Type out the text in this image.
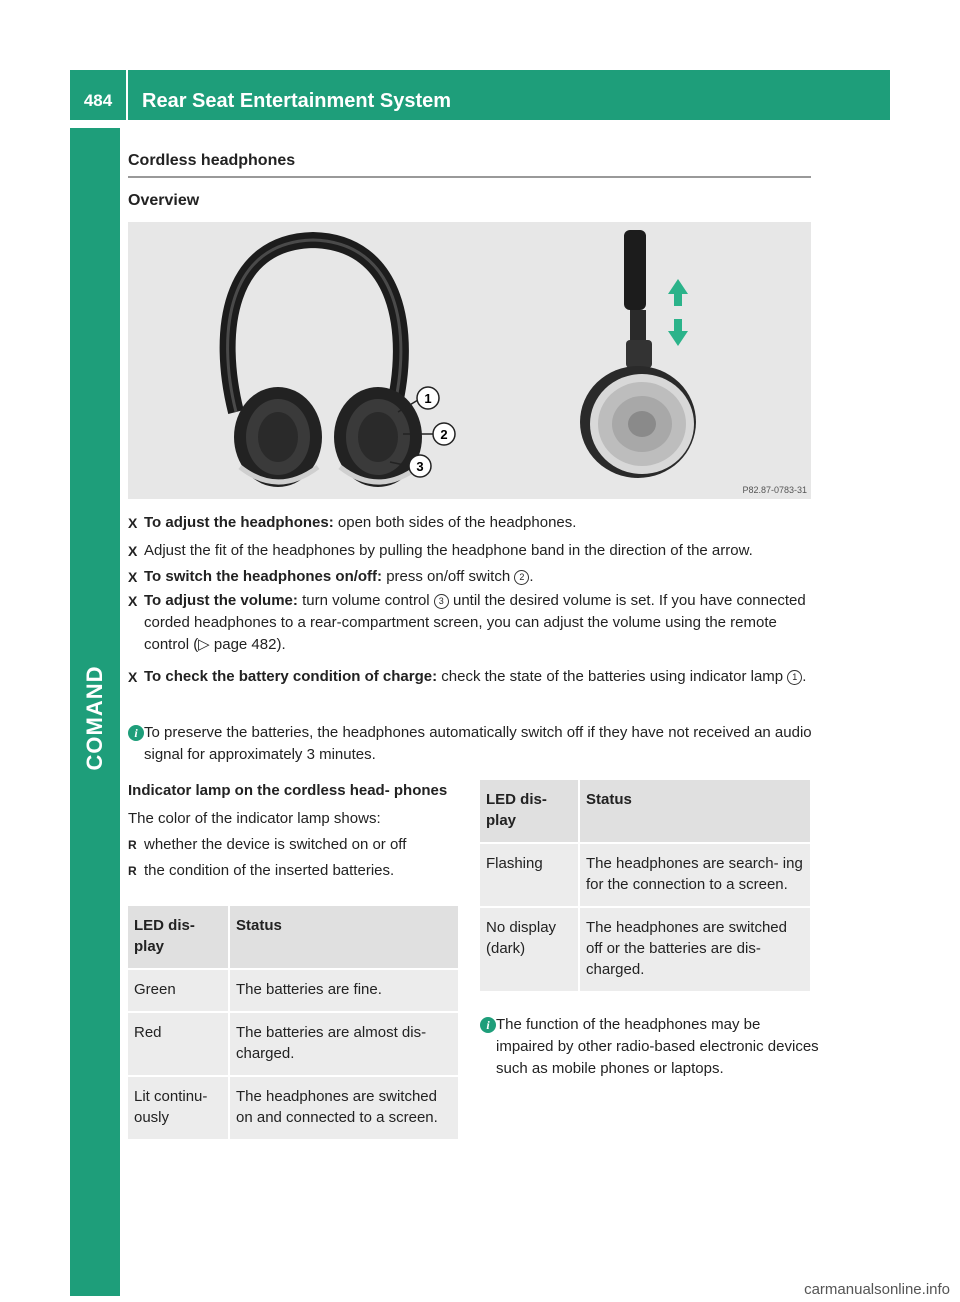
484	Rear Seat Entertainment System
COMAND
Cordless headphones
Overview
1
2
3
P82.87-0783-31
X To adjust the headphones: open both sides of the headphones.
X Adjust the fit of the headphones by pulling the headphone band in the direction of the arrow.
X To switch the headphones on/off: press on/off switch 2 .
X To adjust the volume: turn volume control 3 until the desired volume is set. If you have connected corded headphones to a rear-compartment screen, you can adjust the volume using the remote control (▷ page 482).
X To check the battery condition of charge: check the state of the batteries using indicator lamp 1 .
i To preserve the batteries, the headphones automatically switch off if they have not received an audio signal for approximately 3 minutes.
Indicator lamp on the cordless head- phones
The color of the indicator lamp shows:
R whether the device is switched on or off
R the condition of the inserted batteries.
LED dis- play	Status
Green	The batteries are fine.
Red	The batteries are almost dis- charged.
Lit continu- ously	The headphones are switched on and connected to a screen.
LED dis- play	Status
Flashing	The headphones are search- ing for the connection to a screen.
No display (dark)	The headphones are switched off or the batteries are dis- charged.
i The function of the headphones may be impaired by other radio-based electronic devices such as mobile phones or laptops.
carmanualsonline.info
